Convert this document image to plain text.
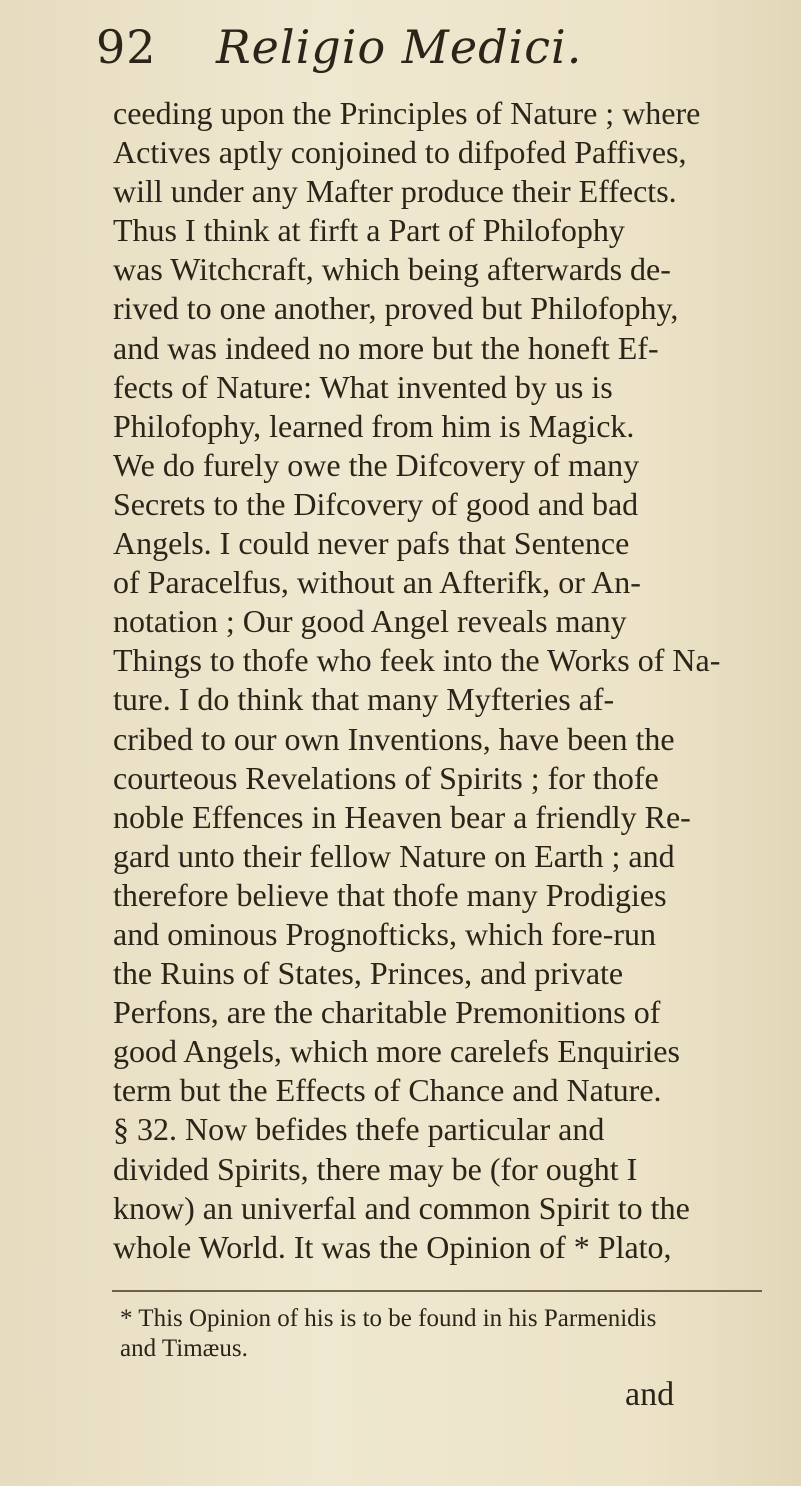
92 Religio Medici.
ceeding upon the Principles of Nature ; where
Actives aptly conjoined to difpofed Paffives,
will under any Mafter produce their Effects.
Thus I think at firft a Part of Philofophy
was Witchcraft, which being afterwards de-
rived to one another, proved but Philofophy,
and was indeed no more but the honeft Ef-
fects of Nature: What invented by us is
Philofophy, learned from him is Magick.
We do furely owe the Difcovery of many
Secrets to the Difcovery of good and bad
Angels. I could never pafs that Sentence
of Paracelfus, without an Afterifk, or An-
notation ; Our good Angel reveals many
Things to thofe who feek into the Works of Na-
ture. I do think that many Myfteries af-
cribed to our own Inventions, have been the
courteous Revelations of Spirits ; for thofe
noble Effences in Heaven bear a friendly Re-
gard unto their fellow Nature on Earth ; and
therefore believe that thofe many Prodigies
and ominous Prognoftiсks, which fore-run
the Ruins of States, Princes, and private
Perfons, are the charitable Premonitions of
good Angels, which more carelefs Enquiries
term but the Effects of Chance and Nature.
§ 32. Now befides thefe particular and
divided Spirits, there may be (for ought I
know) an univerfal and common Spirit to the
whole World. It was the Opinion of * Plato,
* This Opinion of his is to be found in his Parmenidis
and Timæus.
and
